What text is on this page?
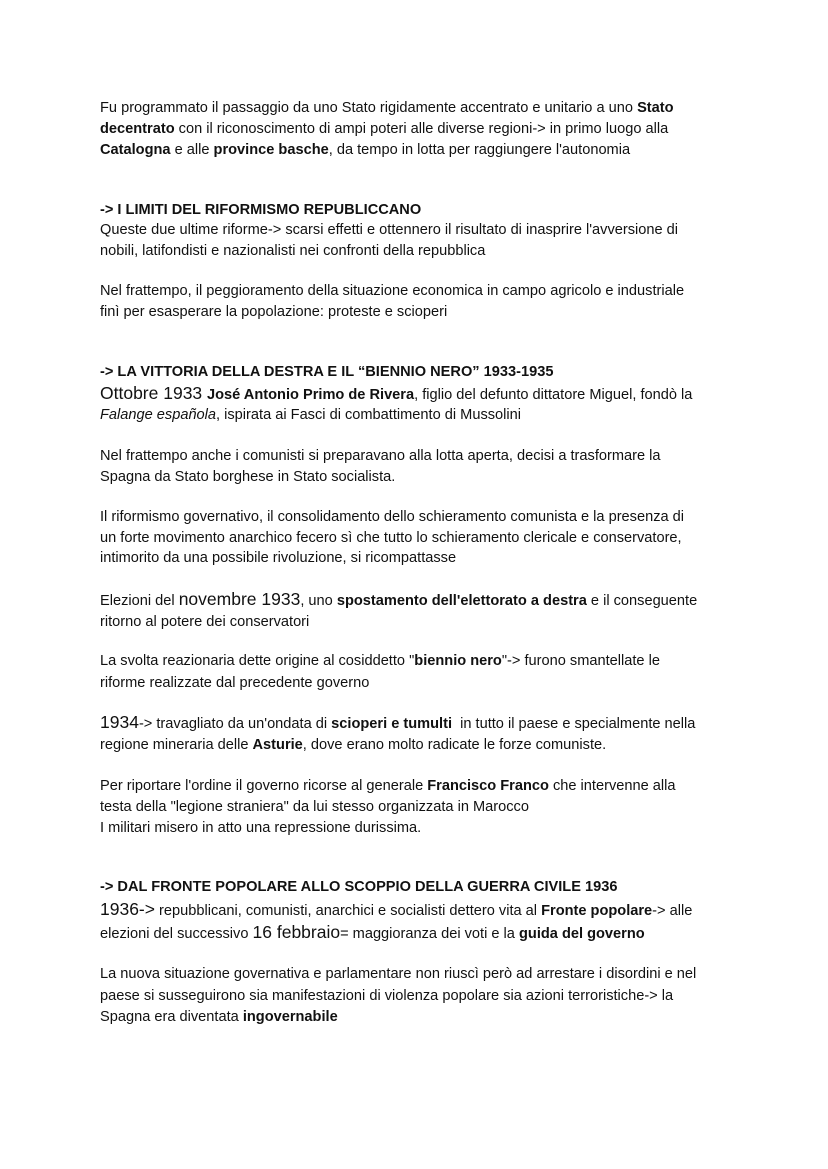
Fu programmato il passaggio da uno Stato rigidamente accentrato e unitario a uno Stato
decentrato con il riconoscimento di ampi poteri alle diverse regioni-> in primo luogo alla
Catalogna e alle province basche, da tempo in lotta per raggiungere l'autonomia
-> I LIMITI DEL RIFORMISMO REPUBLICCANO
Queste due ultime riforme-> scarsi effetti e ottennero il risultato di inasprire l'avversione di
nobili, latifondisti e nazionalisti nei confronti della repubblica
Nel frattempo, il peggioramento della situazione economica in campo agricolo e industriale
finì per esasperare la popolazione: proteste e scioperi
-> LA VITTORIA DELLA DESTRA E IL “BIENNIO NERO” 1933-1935
Ottobre 1933 José Antonio Primo de Rivera, figlio del defunto dittatore Miguel, fondò la
Falange española, ispirata ai Fasci di combattimento di Mussolini
Nel frattempo anche i comunisti si preparavano alla lotta aperta, decisi a trasformare la
Spagna da Stato borghese in Stato socialista.
Il riformismo governativo, il consolidamento dello schieramento comunista e la presenza di
un forte movimento anarchico fecero sì che tutto lo schieramento clericale e conservatore,
intimorito da una possibile rivoluzione, si ricompattasse
Elezioni del novembre 1933, uno spostamento dell'elettorato a destra e il conseguente
ritorno al potere dei conservatori
La svolta reazionaria dette origine al cosiddetto "biennio nero"-> furono smantellate le
riforme realizzate dal precedente governo
1934-> travagliato da un'ondata di scioperi e tumulti  in tutto il paese e specialmente nella
regione mineraria delle Asturie, dove erano molto radicate le forze comuniste.
Per riportare l'ordine il governo ricorse al generale Francisco Franco che intervenne alla
testa della "legione straniera" da lui stesso organizzata in Marocco
I militari misero in atto una repressione durissima.
-> DAL FRONTE POPOLARE ALLO SCOPPIO DELLA GUERRA CIVILE 1936
1936-> repubblicani, comunisti, anarchici e socialisti dettero vita al Fronte popolare-> alle
elezioni del successivo 16 febbraio= maggioranza dei voti e la guida del governo
La nuova situazione governativa e parlamentare non riuscì però ad arrestare i disordini e nel
paese si susseguirono sia manifestazioni di violenza popolare sia azioni terroristiche-> la
Spagna era diventata ingovernabile
